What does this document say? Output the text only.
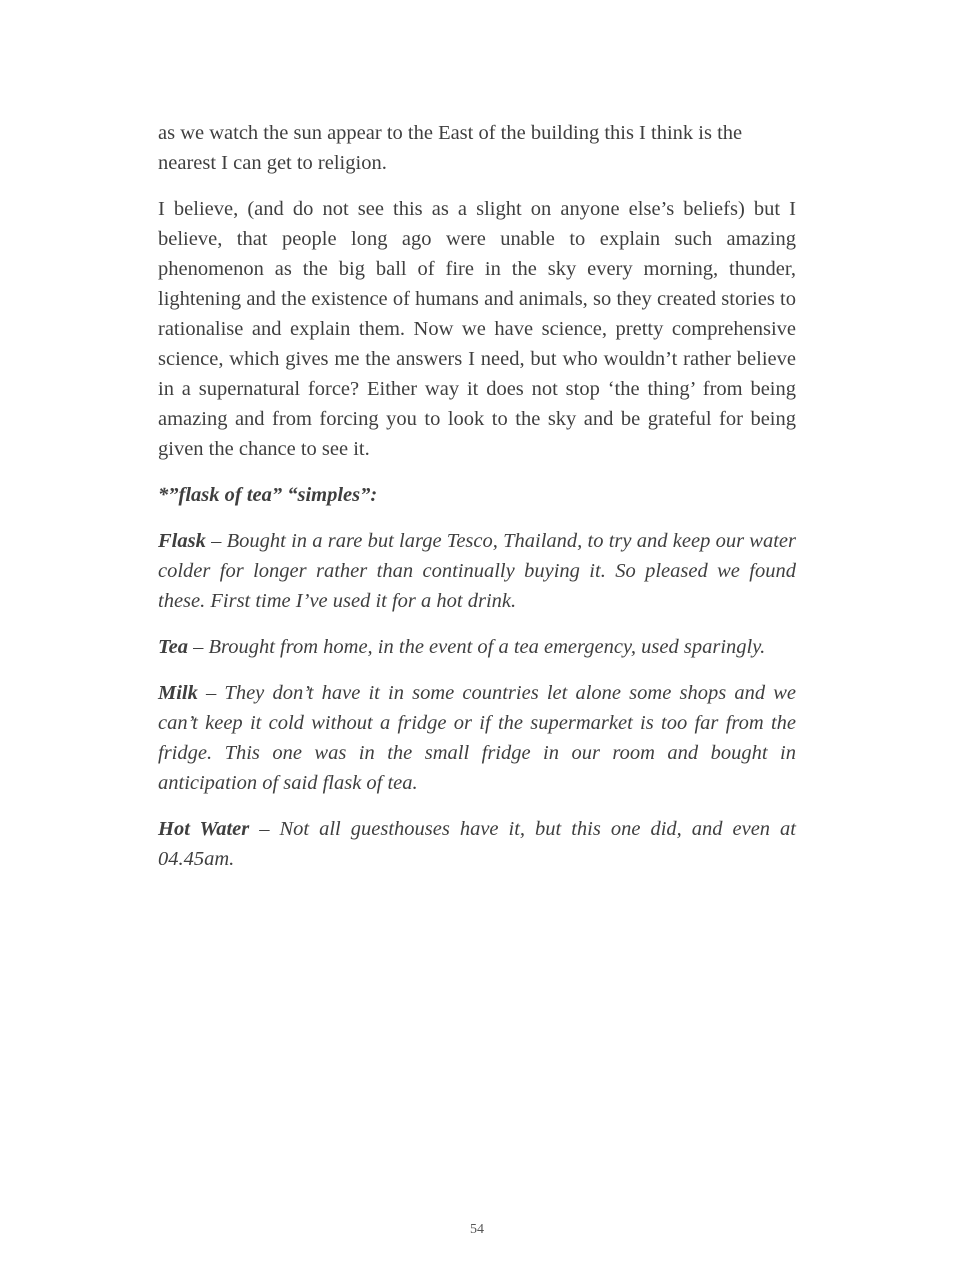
as we watch the sun appear to the East of the building this I think is the nearest I can get to religion.

I believe, (and do not see this as a slight on anyone else’s beliefs) but I believe, that people long ago were unable to explain such amazing phenomenon as the big ball of fire in the sky every morning, thunder, lightening and the existence of humans and animals, so they created stories to rationalise and explain them. Now we have science, pretty comprehensive science, which gives me the answers I need, but who wouldn’t rather believe in a supernatural force? Either way it does not stop ‘the thing’ from being amazing and from forcing you to look to the sky and be grateful for being given the chance to see it.

*”flask of tea” “simples”:

Flask – Bought in a rare but large Tesco, Thailand, to try and keep our water colder for longer rather than continually buying it. So pleased we found these. First time I’ve used it for a hot drink.

Tea – Brought from home, in the event of a tea emergency, used sparingly.

Milk – They don’t have it in some countries let alone some shops and we can’t keep it cold without a fridge or if the supermarket is too far from the fridge. This one was in the small fridge in our room and bought in anticipation of said flask of tea.

Hot Water – Not all guesthouses have it, but this one did, and even at 04.45am.

54
